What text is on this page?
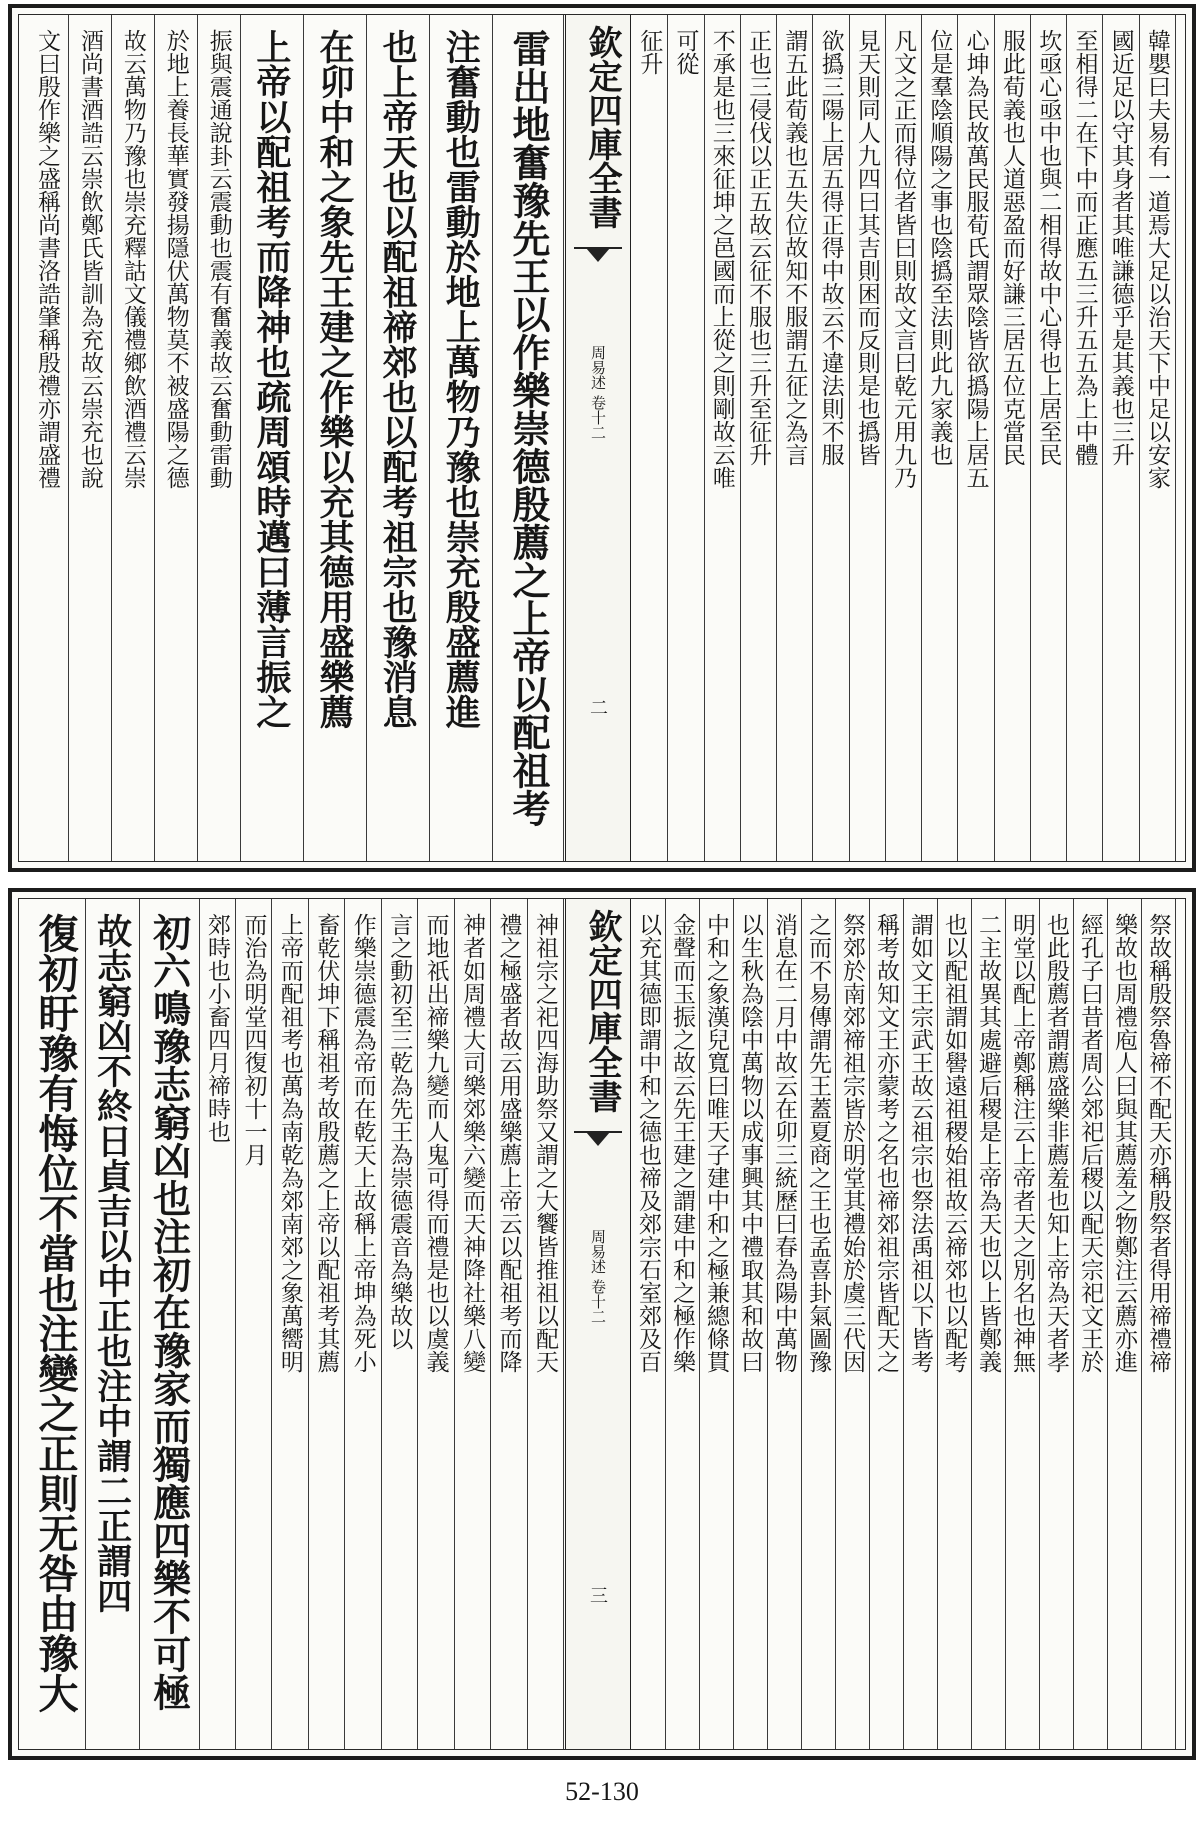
欽定四庫全書
周易述 卷十二
二
文曰殷作樂之盛稱尚書洛誥肇稱殷禮亦謂盛禮 酒尚書酒誥云崇飲鄭氏皆訓為充故云崇充也說 故云萬物乃豫也崇充釋詁文儀禮鄉飲酒禮云崇 於地上養長華實發揚隱伏萬物莫不被盛陽之德 振與震通說卦云震動也震有奮義故云奮動雷動 上帝以配祖考而降神也疏周頌時邁曰薄言振之 在卯中和之象先王建之作樂以充其德用盛樂薦 也上帝天也以配祖禘郊也以配考祖宗也豫消息 注奮動也雷動於地上萬物乃豫也崇充殷盛薦進 雷出地奮豫先王以作樂崇德殷薦之上帝以配祖考	征升 可從 不承是也三來征坤之邑國而上從之則剛故云唯 正也三侵伐以正五故云征不服也三升至征升 謂五此荀義也五失位故知不服謂五征之為言 欲撝三陽上居五得正得中故云不違法則不服 見天則同人九四曰其吉則困而反則是也撝皆 凡文之正而得位者皆曰則故文言曰乾元用九乃 位是羣陰順陽之事也陰撝至法則此九家義也 心坤為民故萬民服荀氏謂眾陰皆欲撝陽上居五 服此荀義也人道惡盈而好謙三居五位克當民 坎亟心亟中也與二相得故中心得也上居至民 至相得二在下中而正應五三升五五為上中體 國近足以守其身者其唯謙德乎是其義也三升 韓嬰曰夫易有一道焉大足以治天下中足以安家
欽定四庫全書
周易述 卷十二
三
復初盱豫有悔位不當也注變之正則无咎由豫大 故志窮凶不終日貞吉以中正也注中謂二正謂四 初六鳴豫志窮凶也注初在豫家而獨應四樂不可極 郊時也小畜四月禘時也 而治為明堂四復初十一月 上帝而配祖考也萬為南乾為郊南郊之象萬嚮明 畜乾伏坤下稱祖考故殷薦之上帝以配祖考其薦 作樂崇德震為帝而在乾天上故稱上帝坤為死小 言之動初至三乾為先王為崇德震音為樂故以 而地祇出禘樂九變而人鬼可得而禮是也以虞義 神者如周禮大司樂郊樂六變而天神降社樂八變 禮之極盛者故云用盛樂薦上帝云以配祖考而降 神祖宗之祀四海助祭又謂之大饗皆推祖以配天	以充其德即謂中和之德也禘及郊宗石室郊及百 金聲而玉振之故云先王建之謂建中和之極作樂 中和之象漢兒寬曰唯天子建中和之極兼總條貫 以生秋為陰中萬物以成事興其中禮取其和故曰 消息在二月中故云在卯三統歷曰春為陽中萬物 之而不易傳謂先王蓋夏商之王也孟喜卦氣圖豫 祭郊於南郊禘祖宗皆於明堂其禮始於虞三代因 稱考故知文王亦蒙考之名也禘郊祖宗皆配天之 謂如文王宗武王故云祖宗也祭法禹祖以下皆考 也以配祖謂如嚳遠祖稷始祖故云禘郊也以配考 二主故異其處避后稷是上帝為天也以上皆鄭義 明堂以配上帝鄭稱注云上帝者天之別名也神無 也此殷薦者謂薦盛樂非薦羞也知上帝為天者孝 經孔子曰昔者周公郊祀后稷以配天宗祀文王於 樂故也周禮庖人曰與其薦羞之物鄭注云薦亦進 祭故稱殷祭魯禘不配天亦稱殷祭者得用禘禮禘
52-130
